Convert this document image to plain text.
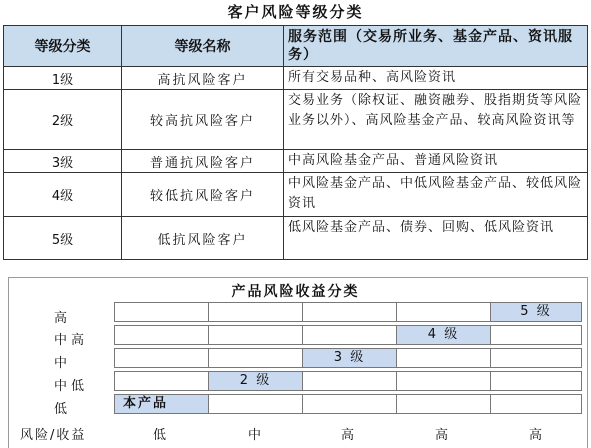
客户风险等级分类
等级分类	等级名称	服务范围（交易所业务、基金产品、资讯服务）
1级	高抗风险客户	所有交易品种、高风险资讯
2级	较高抗风险客户	交易业务（除权证、融资融券、股指期货等风险业务以外）、高风险基金产品、较高风险资讯等
3级	普通抗风险客户	中高风险基金产品、普通风险资讯
4级	较低抗风险客户	中风险基金产品、中低风险基金产品、较低风险资讯
5级	低抗风险客户	低风险基金产品、债券、回购、低风险资讯
产品风险收益分类
高
中高
中
中低
低
5 级
4 级
3 级
2 级
本产品
风险/收益	低	中	高	高	高
